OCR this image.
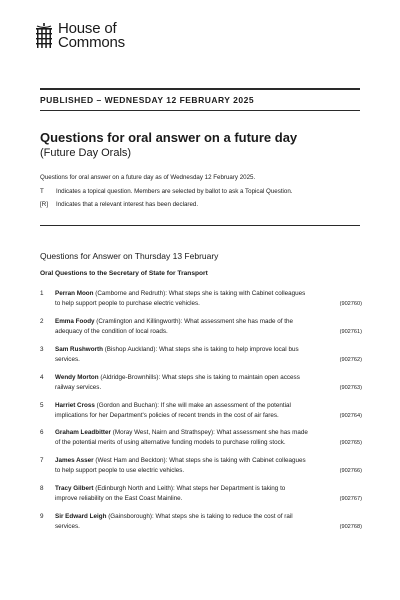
House of
Commons
PUBLISHED – WEDNESDAY 12 FEBRUARY 2025
Questions for oral answer on a future day
(Future Day Orals)
Questions for oral answer on a future day as of Wednesday 12 February 2025.
T	Indicates a topical question. Members are selected by ballot to ask a Topical Question.
[R]	Indicates that a relevant interest has been declared.
Questions for Answer on Thursday 13 February
Oral Questions to the Secretary of State for Transport
1 Perran Moon (Camborne and Redruth): What steps she is taking with Cabinet colleagues
to help support people to purchase electric vehicles.	(902760)
2 Emma Foody (Cramlington and Killingworth): What assessment she has made of the
adequacy of the condition of local roads.	(902761)
3 Sam Rushworth (Bishop Auckland): What steps she is taking to help improve local bus
services.	(902762)
4 Wendy Morton (Aldridge-Brownhills): What steps she is taking to maintain open access
railway services.	(902763)
5 Harriet Cross (Gordon and Buchan): If she will make an assessment of the potential
implications for her Department's policies of recent trends in the cost of air fares.	(902764)
6 Graham Leadbitter (Moray West, Nairn and Strathspey): What assessment she has made
of the potential merits of using alternative funding models to purchase rolling stock.	(902765)
7 James Asser (West Ham and Beckton): What steps she is taking with Cabinet colleagues
to help support people to use electric vehicles.	(902766)
8 Tracy Gilbert (Edinburgh North and Leith): What steps her Department is taking to
improve reliability on the East Coast Mainline.	(902767)
9 Sir Edward Leigh (Gainsborough): What steps she is taking to reduce the cost of rail
services.	(902768)
